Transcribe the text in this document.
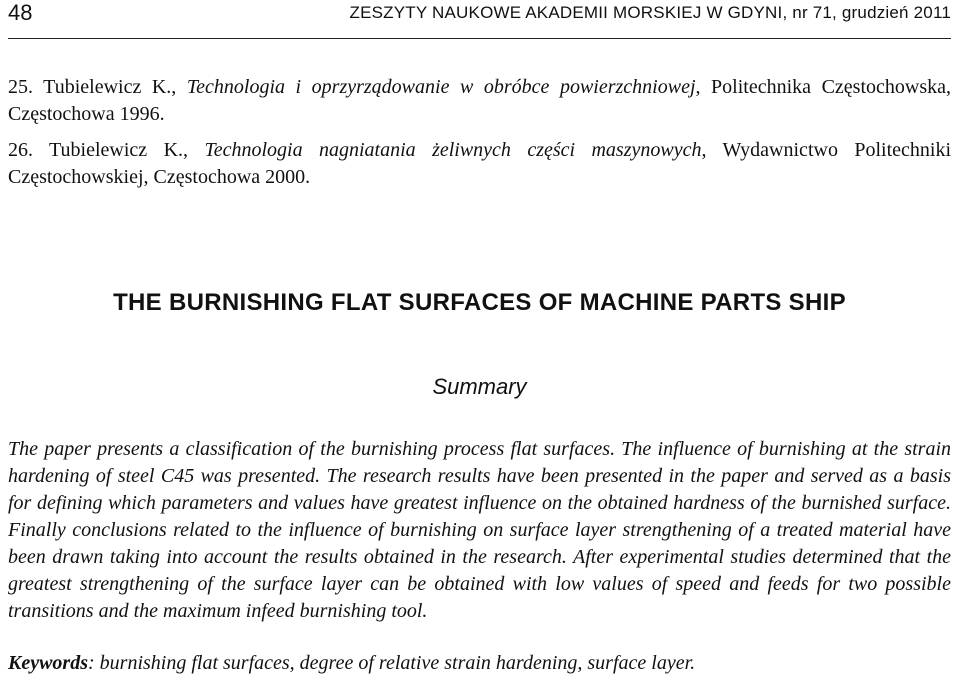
48	ZESZYTY NAUKOWE AKADEMII MORSKIEJ W GDYNI, nr 71, grudzień 2011

25. Tubielewicz K., Technologia i oprzyrządowanie w obróbce powierzchniowej, Politechnika Częstochowska, Częstochowa 1996.

26. Tubielewicz K., Technologia nagniatania żeliwnych części maszynowych, Wydawnictwo Politechniki Częstochowskiej, Częstochowa 2000.

THE BURNISHING FLAT SURFACES OF MACHINE PARTS SHIP
Summary

The paper presents a classification of the burnishing process flat surfaces. The influence of burnishing at the strain hardening of steel C45 was presented. The research results have been presented in the paper and served as a basis for defining which parameters and values have greatest influence on the obtained hardness of the burnished surface. Finally conclusions related to the influence of burnishing on surface layer strengthening of a treated material have been drawn taking into account the results obtained in the research. After experimental studies determined that the greatest strengthening of the surface layer can be obtained with low values of speed and feeds for two possible transitions and the maximum infeed burnishing tool.

Keywords: burnishing flat surfaces, degree of relative strain hardening, surface layer.
